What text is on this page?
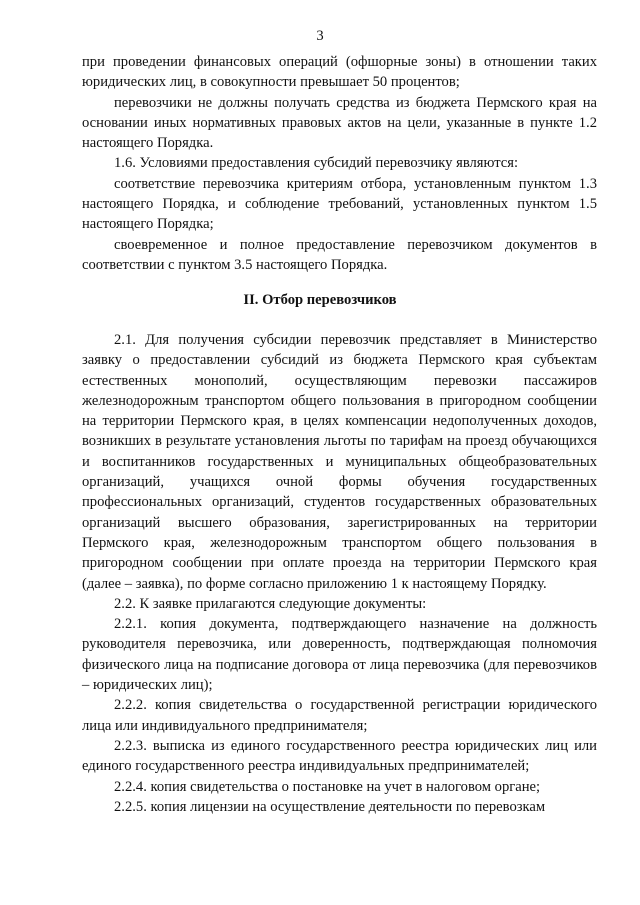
3

при проведении финансовых операций (офшорные зоны) в отношении таких юридических лиц, в совокупности превышает 50 процентов;

перевозчики не должны получать средства из бюджета Пермского края на основании иных нормативных правовых актов на цели, указанные в пункте 1.2 настоящего Порядка.

1.6. Условиями предоставления субсидий перевозчику являются:

соответствие перевозчика критериям отбора, установленным пунктом 1.3 настоящего Порядка, и соблюдение требований, установленных пунктом 1.5 настоящего Порядка;

своевременное и полное предоставление перевозчиком документов в соответствии с пунктом 3.5 настоящего Порядка.

II. Отбор перевозчиков

2.1. Для получения субсидии перевозчик представляет в Министерство заявку о предоставлении субсидий из бюджета Пермского края субъектам естественных монополий, осуществляющим перевозки пассажиров железнодорожным транспортом общего пользования в пригородном сообщении на территории Пермского края, в целях компенсации недополученных доходов, возникших в результате установления льготы по тарифам на проезд обучающихся и воспитанников государственных и муниципальных общеобразовательных организаций, учащихся очной формы обучения государственных профессиональных организаций, студентов государственных образовательных организаций высшего образования, зарегистрированных на территории Пермского края, железнодорожным транспортом общего пользования в пригородном сообщении при оплате проезда на территории Пермского края (далее – заявка), по форме согласно приложению 1 к настоящему Порядку.

2.2. К заявке прилагаются следующие документы:

2.2.1. копия документа, подтверждающего назначение на должность руководителя перевозчика, или доверенность, подтверждающая полномочия физического лица на подписание договора от лица перевозчика (для перевозчиков – юридических лиц);

2.2.2. копия свидетельства о государственной регистрации юридического лица или индивидуального предпринимателя;

2.2.3. выписка из единого государственного реестра юридических лиц или единого государственного реестра индивидуальных предпринимателей;

2.2.4. копия свидетельства о постановке на учет в налоговом органе;

2.2.5. копия лицензии на осуществление деятельности по перевозкам
